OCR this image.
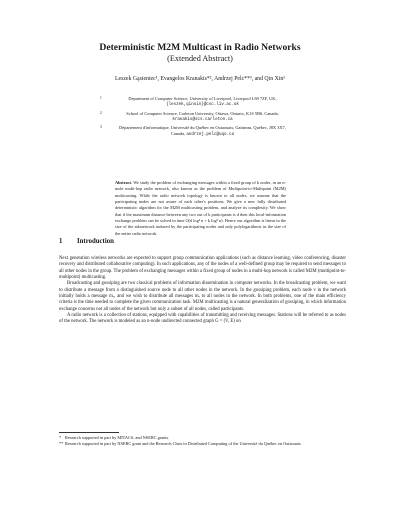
Deterministic M2M Multicast in Radio Networks
(Extended Abstract)
Leszek Gąsieniec¹, Evangelos Kranakis*², Andrzej Pelc**³, and Qin Xin¹
1	Department of Computer Science, University of Liverpool, Liverpool L69 7ZF, UK,
{leszek,qinxin}@csc.liv.ac.uk
2	School of Computer Science, Carleton University, Ottawa, Ontario, K1S 5B6, Canada,
kranakis@scs.carleton.ca
3	Département d'informatique, Université du Québec en Outaouais, Gatineau, Québec, J8X 3X7,
Canada, andrzej.pelc@uqo.ca
Abstract. We study the problem of exchanging messages within a fixed group of k nodes, in an n-node multi-hop radio network, also known as the problem of Multipoint-to-Multipoint (M2M) multicasting. While the radio network topology is known to all nodes, we assume that the participating nodes are not aware of each other's positions. We give a new fully distributed deterministic algorithm for the M2M multicasting problem, and analyze its complexity. We show that if the maximum distance between any two out of k participants is d then this local-information exchange problem can be solved in time O(d log² n + k log³ n). Hence our algorithm is linear in the size of the subnetwork induced by the participating nodes and only polylogarithmic in the size of the entire radio network.
1 Introduction

Next generation wireless networks are expected to support group communication applications (such as distance learning, video conferencing, disaster recovery and distributed collaborative computing). In such applications, any of the nodes of a well-defined group may be required to send messages to all other nodes in the group. The problem of exchanging messages within a fixed group of nodes in a multi-hop network is called M2M (multipoint-to-multipoint) multicasting.

Broadcasting and gossiping are two classical problems of information dissemination in computer networks. In the broadcasting problem, we want to distribute a message from a distinguished source node to all other nodes in the network. In the gossiping problem, each node v in the network initially holds a message mᵥ, and we wish to distribute all messages mᵥ to all nodes in the network. In both problems, one of the main efficiency criteria is the time needed to complete the given communication task. M2M multicasting is a natural generalization of gossiping, in which information exchange concerns not all nodes of the network but only a subset of all nodes, called participants.

A radio network is a collection of stations, equipped with capabilities of transmitting and receiving messages. Stations will be referred to as nodes of the network. The network is modeled as an n-node undirected connected graph G = (V, E) on

* Research supported in part by MITACS, and NSERC grants.
** Research supported in part by NSERC grant and the Research Chair in Distributed Computing of the Université du Québec en Outaouais.
